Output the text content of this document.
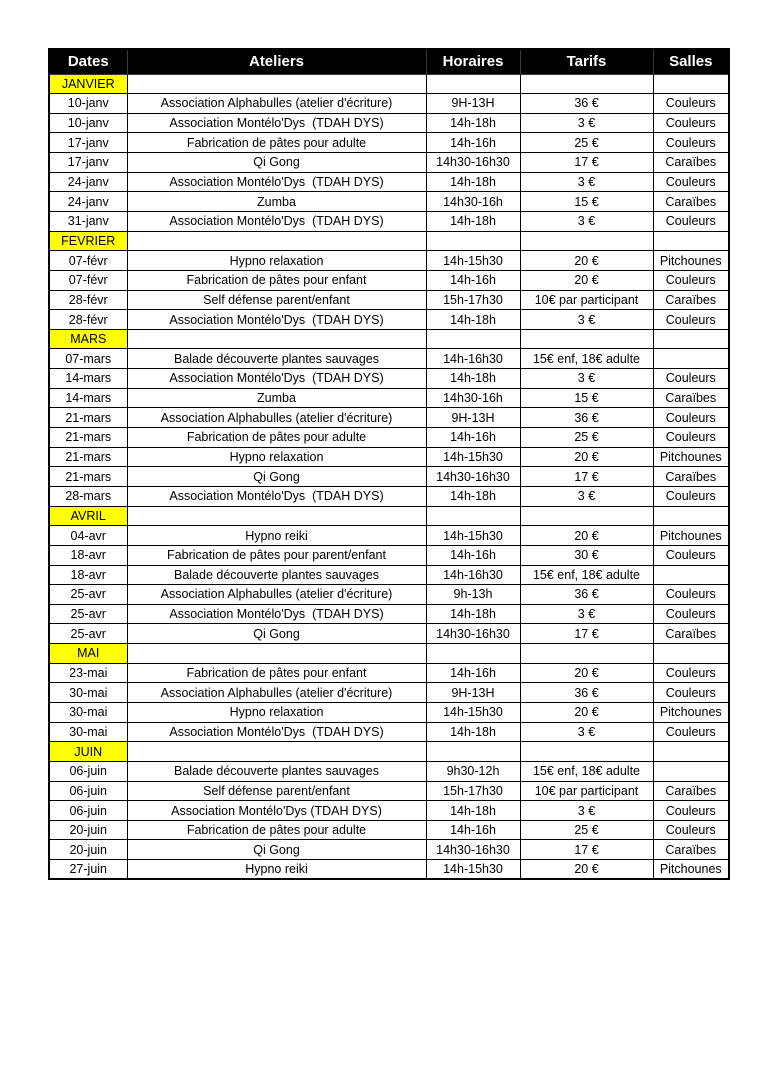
Dates	Ateliers	Horaires	Tarifs	Salles
JANVIER				
10-janv	Association Alphabulles (atelier d'écriture)	9H-13H	36 €	Couleurs
10-janv	Association Montélo'Dys  (TDAH DYS)	14h-18h	3 €	Couleurs
17-janv	Fabrication de pâtes pour adulte	14h-16h	25 €	Couleurs
17-janv	Qi Gong	14h30-16h30	17 €	Caraïbes
24-janv	Association Montélo'Dys  (TDAH DYS)	14h-18h	3 €	Couleurs
24-janv	Zumba	14h30-16h	15 €	Caraïbes
31-janv	Association Montélo'Dys  (TDAH DYS)	14h-18h	3 €	Couleurs
FEVRIER				
07-févr	Hypno relaxation	14h-15h30	20 €	Pitchounes
07-févr	Fabrication de pâtes pour enfant	14h-16h	20 €	Couleurs
28-févr	Self défense parent/enfant	15h-17h30	10€ par participant	Caraïbes
28-févr	Association Montélo'Dys  (TDAH DYS)	14h-18h	3 €	Couleurs
MARS				
07-mars	Balade découverte plantes sauvages	14h-16h30	15€ enf, 18€ adulte	
14-mars	Association Montélo'Dys  (TDAH DYS)	14h-18h	3 €	Couleurs
14-mars	Zumba	14h30-16h	15 €	Caraïbes
21-mars	Association Alphabulles (atelier d'écriture)	9H-13H	36 €	Couleurs
21-mars	Fabrication de pâtes pour adulte	14h-16h	25 €	Couleurs
21-mars	Hypno relaxation	14h-15h30	20 €	Pitchounes
21-mars	Qi Gong	14h30-16h30	17 €	Caraïbes
28-mars	Association Montélo'Dys  (TDAH DYS)	14h-18h	3 €	Couleurs
AVRIL				
04-avr	Hypno reiki	14h-15h30	20 €	Pitchounes
18-avr	Fabrication de pâtes pour parent/enfant	14h-16h	30 €	Couleurs
18-avr	Balade découverte plantes sauvages	14h-16h30	15€ enf, 18€ adulte	
25-avr	Association Alphabulles (atelier d'écriture)	9h-13h	36 €	Couleurs
25-avr	Association Montélo'Dys  (TDAH DYS)	14h-18h	3 €	Couleurs
25-avr	Qi Gong	14h30-16h30	17 €	Caraïbes
MAI				
23-mai	Fabrication de pâtes pour enfant	14h-16h	20 €	Couleurs
30-mai	Association Alphabulles (atelier d'écriture)	9H-13H	36 €	Couleurs
30-mai	Hypno relaxation	14h-15h30	20 €	Pitchounes
30-mai	Association Montélo'Dys  (TDAH DYS)	14h-18h	3 €	Couleurs
JUIN				
06-juin	Balade découverte plantes sauvages	9h30-12h	15€ enf, 18€ adulte	
06-juin	Self défense parent/enfant	15h-17h30	10€ par participant	Caraïbes
06-juin	Association Montélo'Dys (TDAH DYS)	14h-18h	3 €	Couleurs
20-juin	Fabrication de pâtes pour adulte	14h-16h	25 €	Couleurs
20-juin	Qi Gong	14h30-16h30	17 €	Caraïbes
27-juin	Hypno reiki	14h-15h30	20 €	Pitchounes
